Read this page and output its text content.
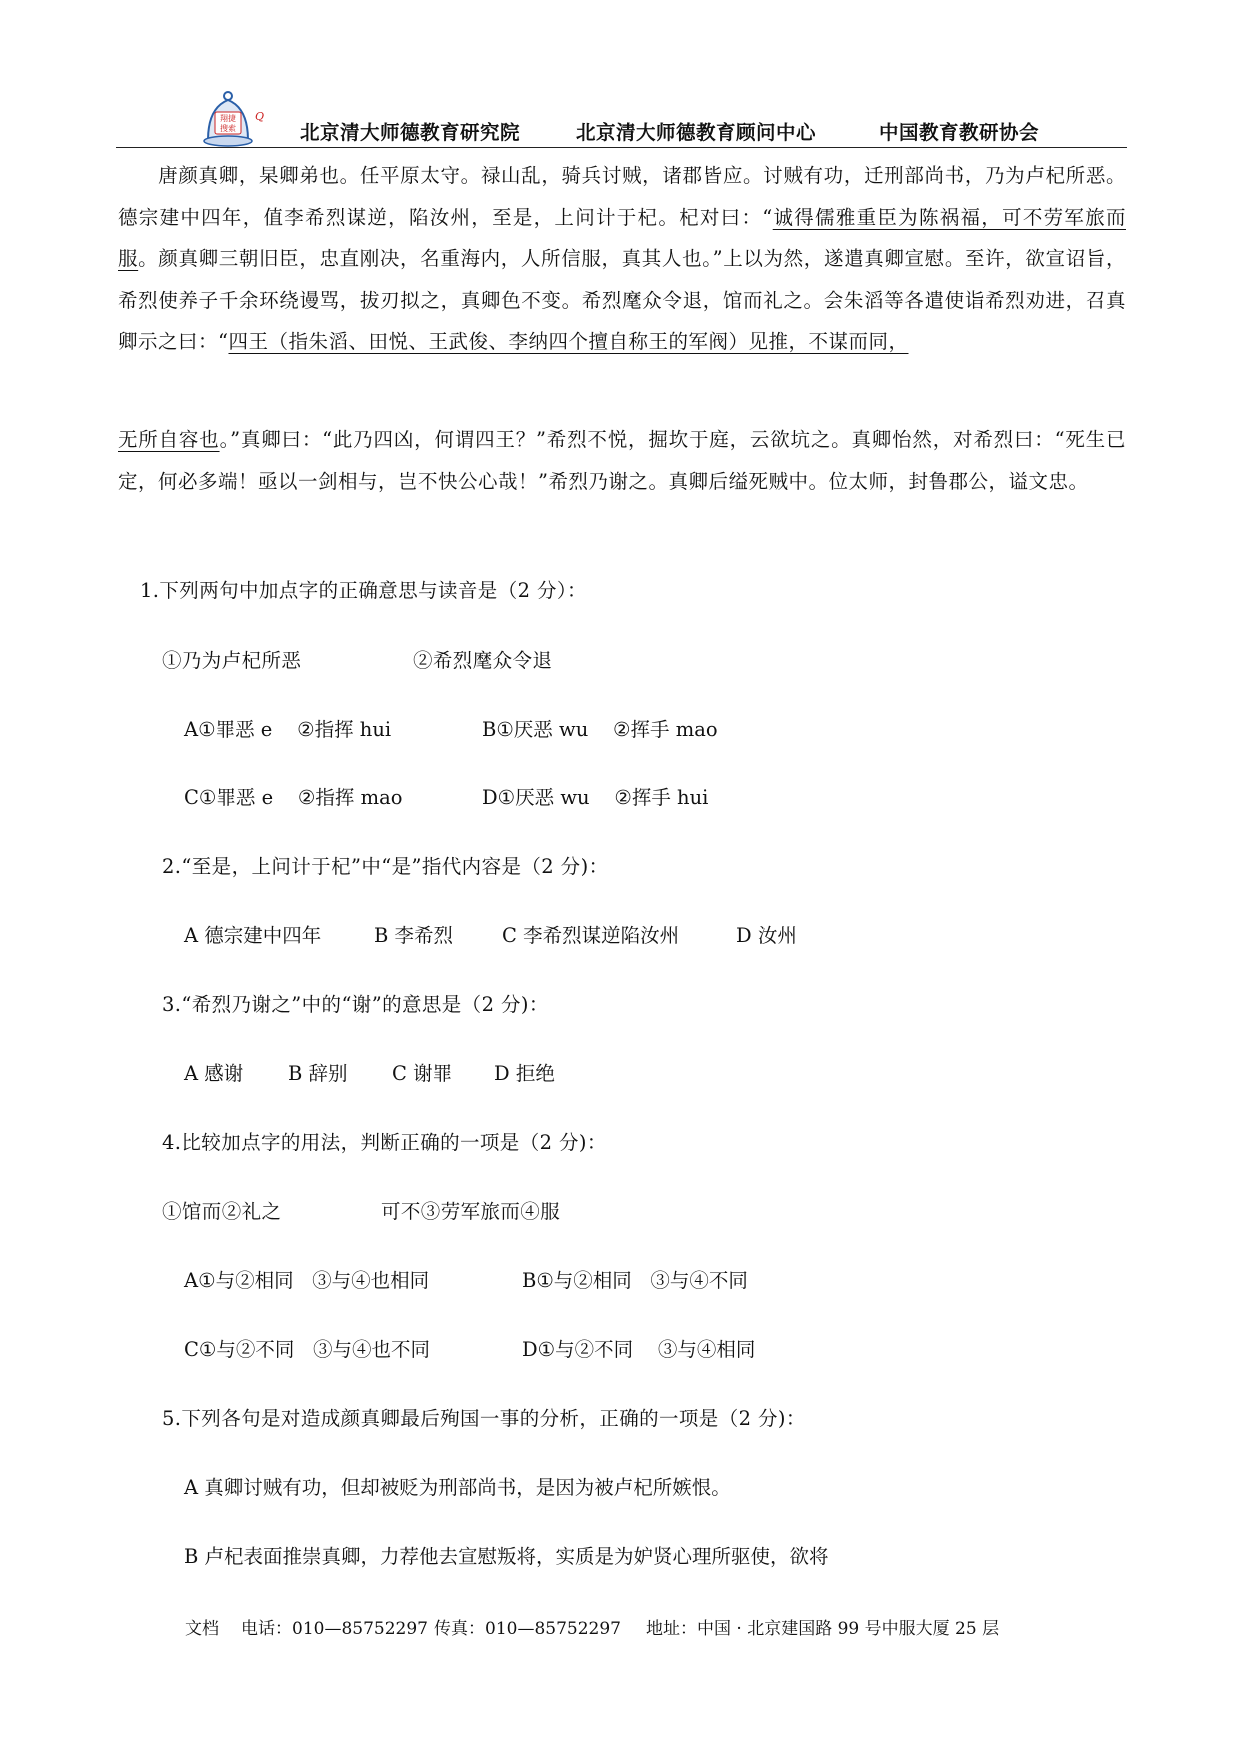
翔捷
搜索
Q
北京清大师德教育研究院	北京清大师德教育顾问中心	中国教育教研协会
唐颜真卿，杲卿弟也。任平原太守。禄山乱，骑兵讨贼，诸郡皆应。讨贼有功，迁刑部尚书，乃为卢杞所恶。德宗建中四年，值李希烈谋逆，陷汝州，至是，上问计于杞。杞对曰：“诚得儒雅重臣为陈祸福，可不劳军旅而服。颜真卿三朝旧臣，忠直刚决，名重海内，人所信服，真其人也。”上以为然，遂遣真卿宣慰。至许，欲宣诏旨，希烈使养子千余环绕谩骂，拔刃拟之，真卿色不变。希烈麾众令退，馆而礼之。会朱滔等各遣使诣希烈劝进，召真卿示之曰：“四王（指朱滔、田悦、王武俊、李纳四个擅自称王的军阀）见推，不谋而同，
无所自容也。”真卿曰：“此乃四凶，何谓四王？”希烈不悦，掘坎于庭，云欲坑之。真卿怡然，对希烈曰：“死生已定，何必多端！亟以一剑相与，岂不快公心哉！”希烈乃谢之。真卿后缢死贼中。位太师，封鲁郡公，谥文忠。
1.下列两句中加点字的正确意思与读音是（2 分）：
①乃为卢杞所恶	②希烈麾众令退
A①罪恶 e    ②指挥 hui	B①厌恶 wu    ②挥手 mao
C①罪恶 e    ②指挥 mao	D①厌恶 wu    ②挥手 hui
2.“至是，上问计于杞”中“是”指代内容是（2 分)：
A 德宗建中四年	B 李希烈	C 李希烈谋逆陷汝州	D 汝州
3.“希烈乃谢之”中的“谢”的意思是（2 分)：
A 感谢 B 辞别 C 谢罪 D 拒绝
4.比较加点字的用法，判断正确的一项是（2 分)：
①馆而②礼之	可不③劳军旅而④服
A①与②相同   ③与④也相同	B①与②相同   ③与④不同
C①与②不同   ③与④也不同	D①与②不同    ③与④相同
5.下列各句是对造成颜真卿最后殉国一事的分析，正确的一项是（2 分)：
A 真卿讨贼有功，但却被贬为刑部尚书，是因为被卢杞所嫉恨。
B 卢杞表面推崇真卿，力荐他去宣慰叛将，实质是为妒贤心理所驱使，欲将
文档 电话：010—85752297 传真：010—85752297 地址：中国 · 北京建国路 99 号中服大厦 25 层
